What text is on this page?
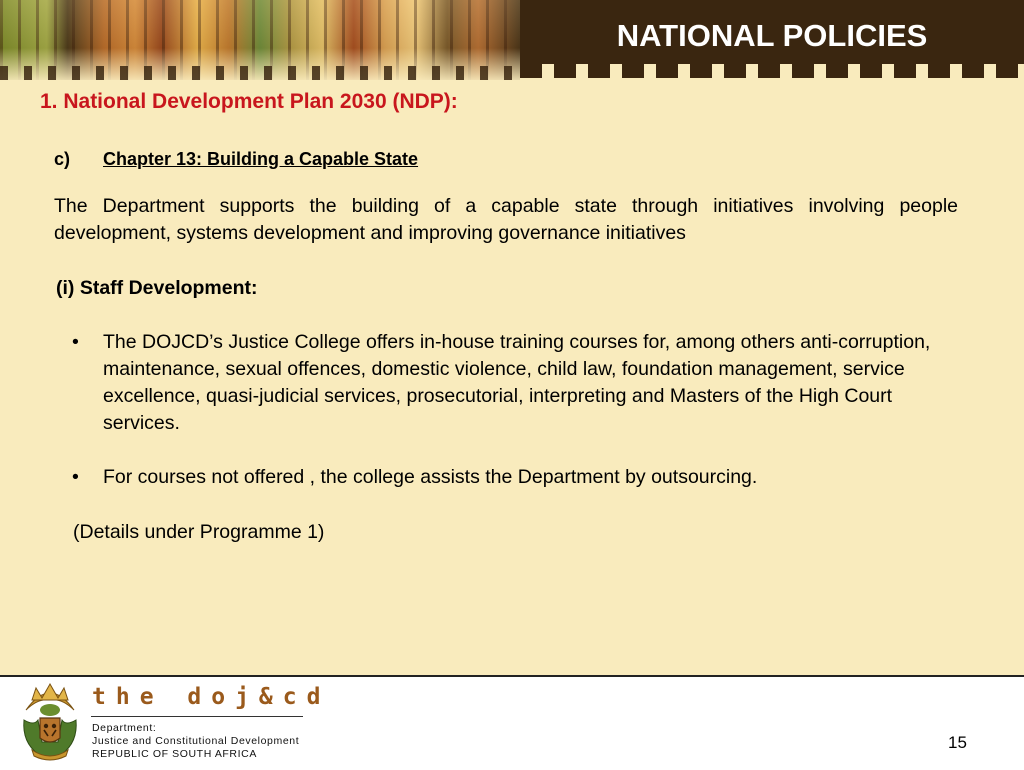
NATIONAL POLICIES
1. National Development Plan 2030 (NDP):
c) Chapter 13: Building a Capable State
The Department supports the building of a capable state through initiatives involving people development, systems development and improving governance initiatives
(i) Staff Development:
• The DOJCD’s Justice College offers in-house training courses for, among others anti-corruption, maintenance, sexual offences, domestic violence, child law, foundation management, service excellence, quasi-judicial services, prosecutorial, interpreting and Masters of the High Court services.
• For courses not offered , the college assists the Department by outsourcing.
(Details under Programme 1)
the doj&cd
Department:
Justice and Constitutional Development
REPUBLIC OF SOUTH AFRICA
15
